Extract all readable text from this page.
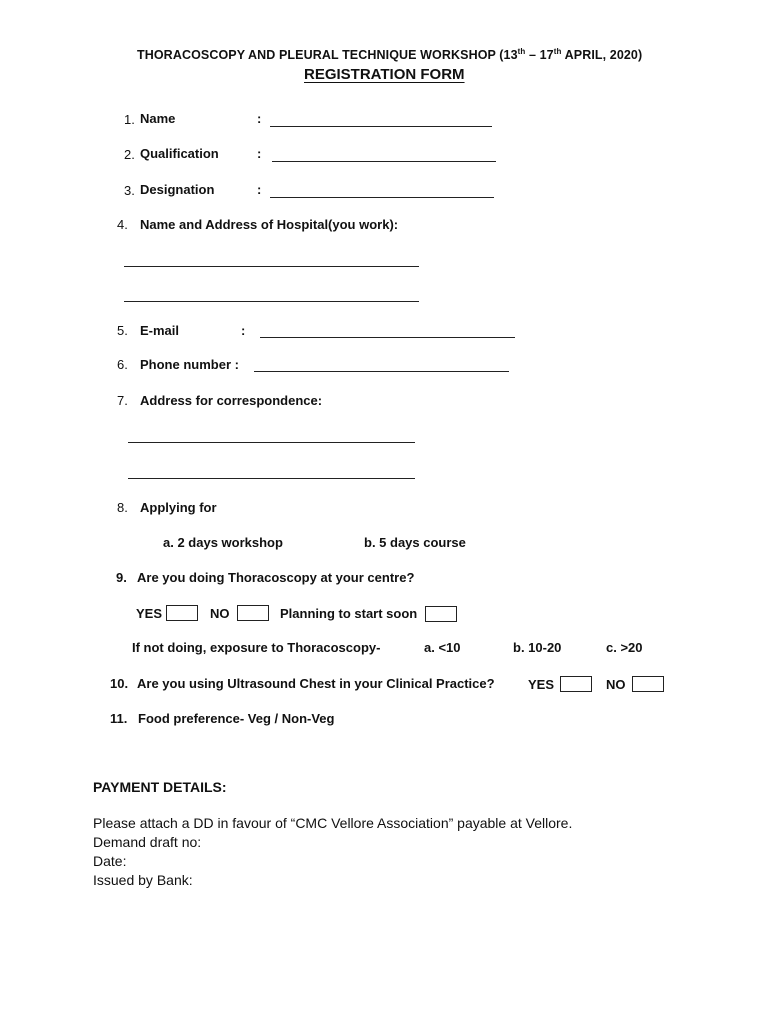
THORACOSCOPY AND PLEURAL TECHNIQUE WORKSHOP (13th – 17th APRIL, 2020)
REGISTRATION FORM
1. Name	:
2. Qualification	:
3. Designation	:
4. Name and Address of Hospital(you work):
5. E-mail	:
6. Phone number :
7. Address for correspondence:
8. Applying for
a. 2 days workshop	b. 5 days course
9. Are you doing Thoracoscopy at your centre?
YES	NO	Planning to start soon
If not doing, exposure to Thoracoscopy-	a. <10	b. 10-20	c. >20
10. Are you using Ultrasound Chest in your Clinical Practice?	YES	NO
11. Food preference- Veg / Non-Veg
PAYMENT DETAILS:
Please attach a DD in favour of “CMC Vellore Association” payable at Vellore.
Demand draft no:
Date:
Issued by Bank:
